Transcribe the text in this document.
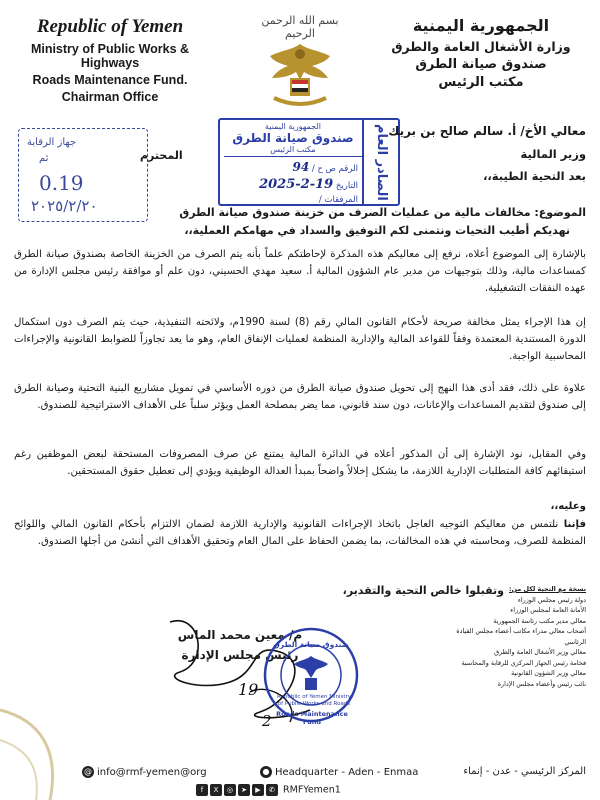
Republic of Yemen
Ministry of Public Works & Highways
Roads Maintenance Fund.
Chairman Office
بسم الله الرحمن الرحيم	الجمهورية اليمنية
وزارة الأشغال العامة والطرق
صندوق صيانة الطرق
مكتب الرئيس
جهاز الرقابة
ثم
0.19
٢٠٢٥/٢/٢٠
الصادر العام
الجمهورية اليمنية
صندوق صيانة الطرق
مكتب الرئيس
الرقم ص ح / 94
التاريخ 19-2-2025
المرفقات /
معالي الأخ/ أ. سالم صالح بن بريك
وزير المالية
بعد التحية الطيبة،،
المحترم
الموضوع: مخالفات مالية من عمليات الصرف من خزينة صندوق صيانة الطرق
نهديكم أطيب التحيات ونتمنى لكم التوفيق والسداد في مهامكم العملية،،
بالإشارة إلى الموضوع أعلاه، نرفع إلى معاليكم هذه المذكرة لإحاطتكم علماً بأنه يتم الصرف من الخزينة الخاصة بصندوق صيانة الطرق كمساعدات مالية، وذلك بتوجيهات من مدير عام الشؤون المالية أ. سعيد مهدي الحسيني، دون علم أو موافقة رئيس مجلس الإدارة من عهده النفقات التشغيلية.
إن هذا الإجراء يمثل مخالفة صريحة لأحكام القانون المالي رقم (8) لسنة 1990م، ولائحته التنفيذية، حيث يتم الصرف دون استكمال الدورة المستندية المعتمدة وفقاً للقواعد المالية والإدارية المنظمة لعمليات الإنفاق العام، وهو ما يعد تجاوزاً للضوابط القانونية والإجراءات المحاسبية الواجبة.
علاوة على ذلك، فقد أدى هذا النهج إلى تحويل صندوق صيانة الطرق من دوره الأساسي في تمويل مشاريع البنية التحتية وصيانة الطرق إلى صندوق لتقديم المساعدات والإعانات، دون سند قانوني، مما يضر بمصلحة العمل ويؤثر سلباً على الأهداف الاستراتيجية للصندوق.
وفي المقابل، نود الإشارة إلى أن المذكور أعلاه في الدائرة المالية يمتنع عن صرف المصروفات المستحقة لبعض الموظفين رغم استيفائهم كافة المتطلبات الإدارية اللازمة، ما يشكل إخلالاً واضحاً بمبدأ العدالة الوظيفية ويؤدي إلى تعطيل حقوق المستحقين.
وعليه،،
فإننا نلتمس من معاليكم التوجيه العاجل باتخاذ الإجراءات القانونية والإدارية اللازمة لضمان الالتزام بأحكام القانون المالي واللوائح المنظمة للصرف، ومحاسبته في هذه المخالفات، بما يضمن الحفاظ على المال العام وتحقيق الأهداف التي أنشئ من أجلها الصندوق.
وتقبلوا خالص التحية والتقدير،
م/ معين محمد الماس
رئيس مجلس الإدارة
19
2
صندوق صيانة الطرق
Republic of Yemen Ministry of Public Works and Roads
Roads Maintenance Fund
نسخة مع التحية لكل من:
دولة رئيس مجلس الوزراء
الأمانة العامة لمجلس الوزراء
معالي مدير مكتب رئاسة الجمهورية
أصحاب معالي مدراء مكاتب أعضاء مجلس القيادة الرئاسي
معالي وزير الأشغال العامة والطرق
فخامة رئيس الجهاز المركزي للرقابة والمحاسبة
معالي وزير الشؤون القانونية
نائب رئيس وأعضاء مجلس الإدارة
@ info@rmf-yemen@org	● Headquarter - Aden - Enmaa	المركز الرئيسي - عدن - إنماء
f X ◎ ➤ ▶ ✆ RMFYemen1
